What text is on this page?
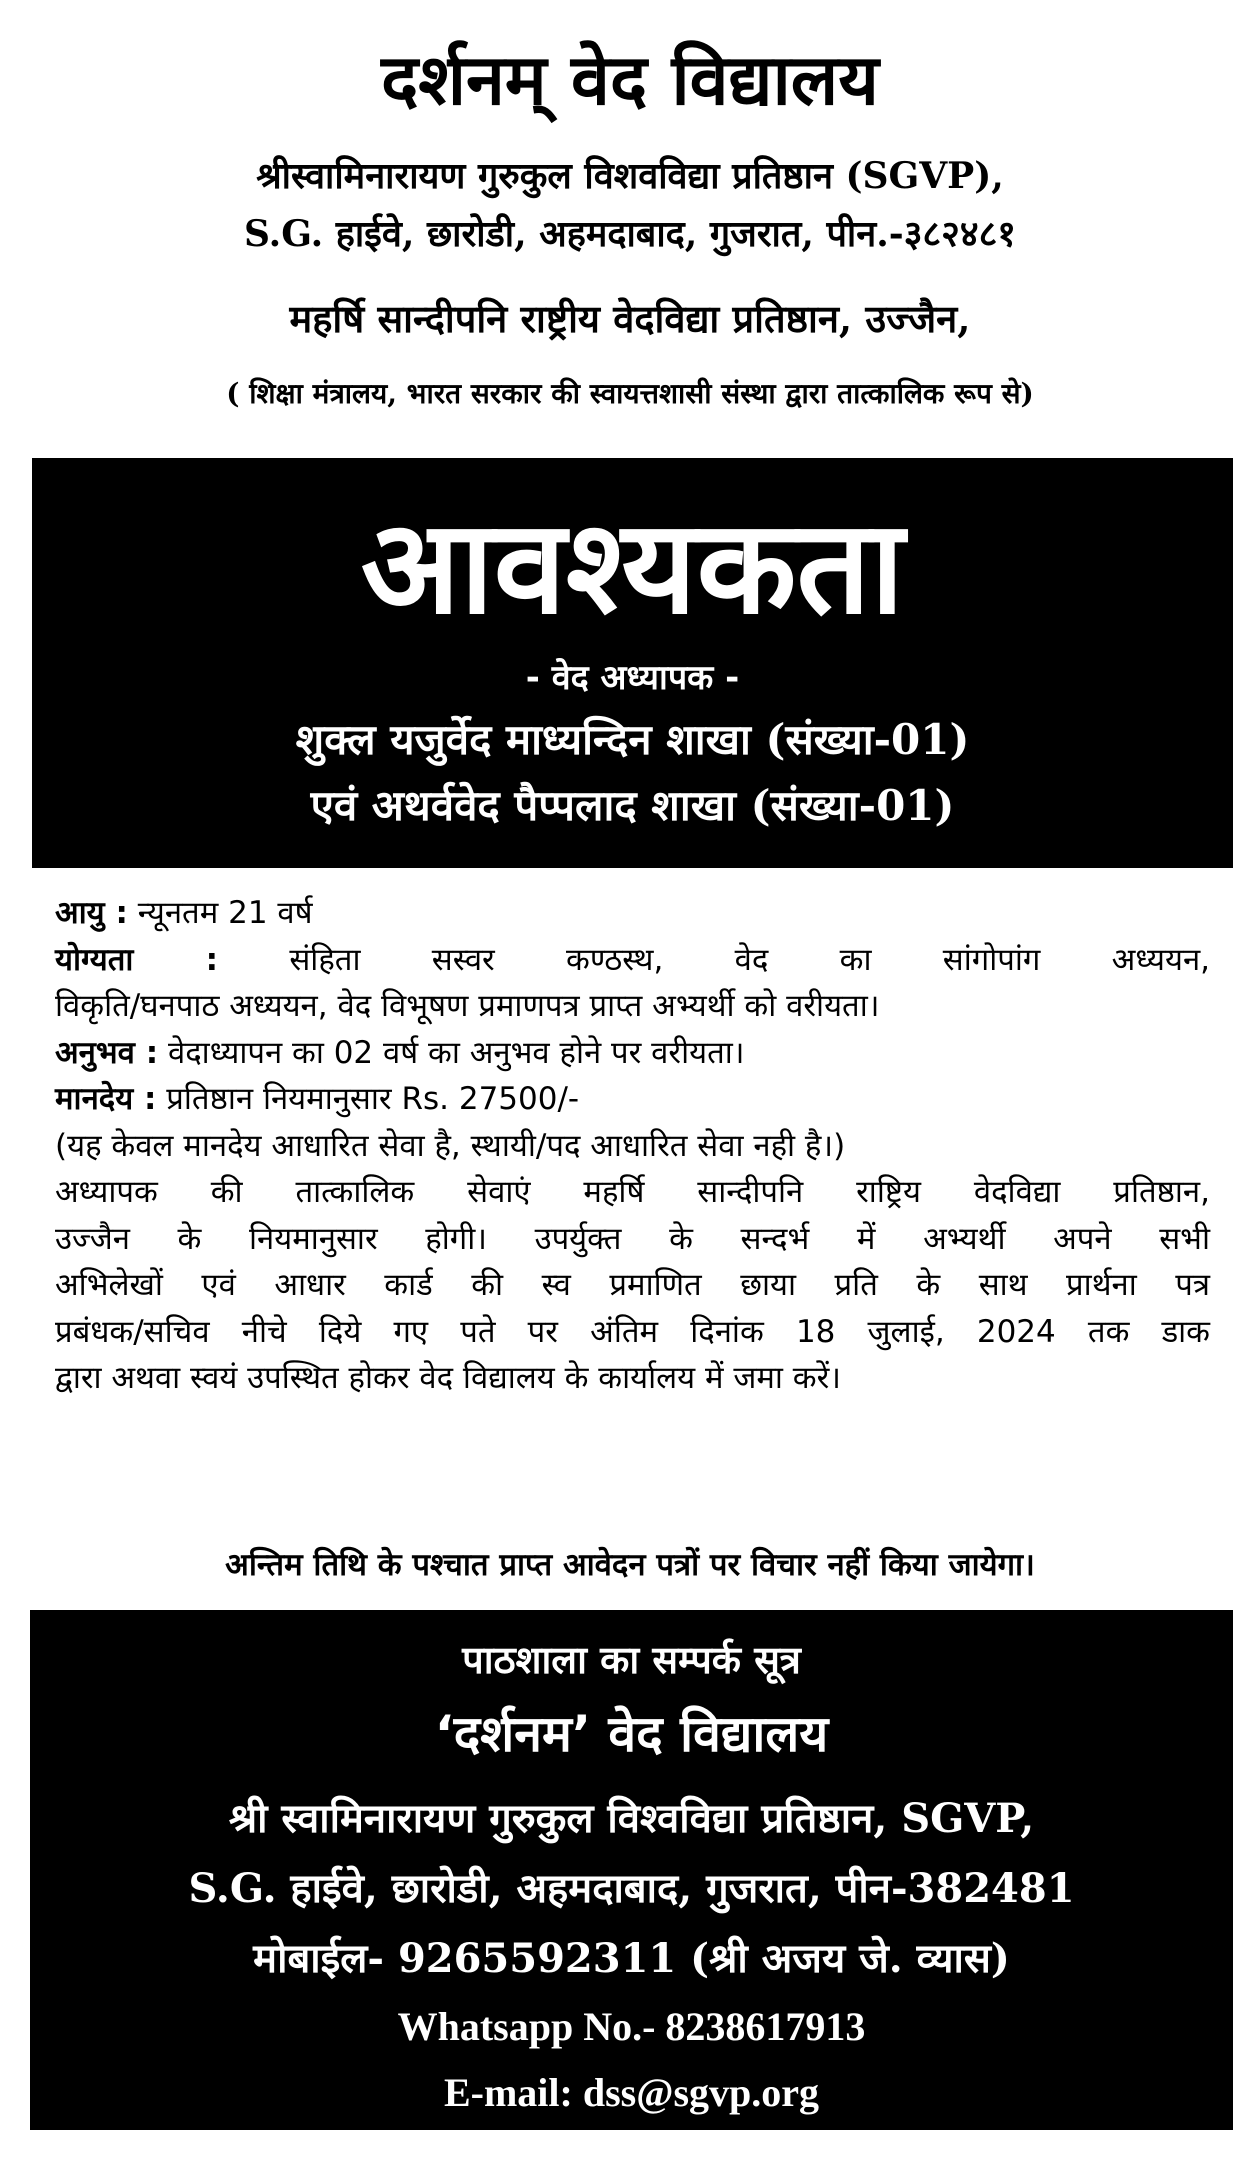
दर्शनम् वेद विद्यालय
श्रीस्वामिनारायण गुरुकुल विशवविद्या प्रतिष्ठान (SGVP),
S.G. हाईवे, छारोडी, अहमदाबाद, गुजरात, पीन.-३८२४८१
महर्षि सान्दीपनि राष्ट्रीय वेदविद्या प्रतिष्ठान, उज्जैन,
( शिक्षा मंत्रालय, भारत सरकार की स्वायत्तशासी संस्था द्वारा तात्कालिक रूप से)
आवश्यकता
- वेद अध्यापक -
शुक्ल यजुर्वेद माध्यन्दिन शाखा (संख्या-01)
एवं अथर्ववेद पैप्पलाद शाखा (संख्या-01)
आयु : न्यूनतम 21 वर्ष
योग्यता : संहिता सस्वर कण्ठस्थ, वेद का सांगोपांग अध्ययन,
विकृति/घनपाठ अध्ययन, वेद विभूषण प्रमाणपत्र प्राप्त अभ्यर्थी को वरीयता।
अनुभव : वेदाध्यापन का 02 वर्ष का अनुभव होने पर वरीयता।
मानदेय : प्रतिष्ठान नियमानुसार Rs. 27500/-
(यह केवल मानदेय आधारित सेवा है, स्थायी/पद आधारित सेवा नही है।)
अध्यापक की तात्कालिक सेवाएं महर्षि सान्दीपनि राष्ट्रिय वेदविद्या प्रतिष्ठान,
उज्जैन के नियमानुसार होगी। उपर्युक्त के सन्दर्भ में अभ्यर्थी अपने सभी
अभिलेखों एवं आधार कार्ड की स्व प्रमाणित छाया प्रति के साथ प्रार्थना पत्र
प्रबंधक/सचिव नीचे दिये गए पते पर अंतिम दिनांक 18 जुलाई, 2024 तक डाक
द्वारा अथवा स्वयं उपस्थित होकर वेद विद्यालय के कार्यालय में जमा करें।
अन्तिम तिथि के पश्चात प्राप्त आवेदन पत्रों पर विचार नहीं किया जायेगा।
पाठशाला का सम्पर्क सूत्र
‘दर्शनम’ वेद विद्यालय
श्री स्वामिनारायण गुरुकुल विश्वविद्या प्रतिष्ठान, SGVP,
S.G. हाईवे, छारोडी, अहमदाबाद, गुजरात, पीन-382481
मोबाईल- 9265592311 (श्री अजय जे. व्यास)
Whatsapp No.- 8238617913
E-mail: dss@sgvp.org
